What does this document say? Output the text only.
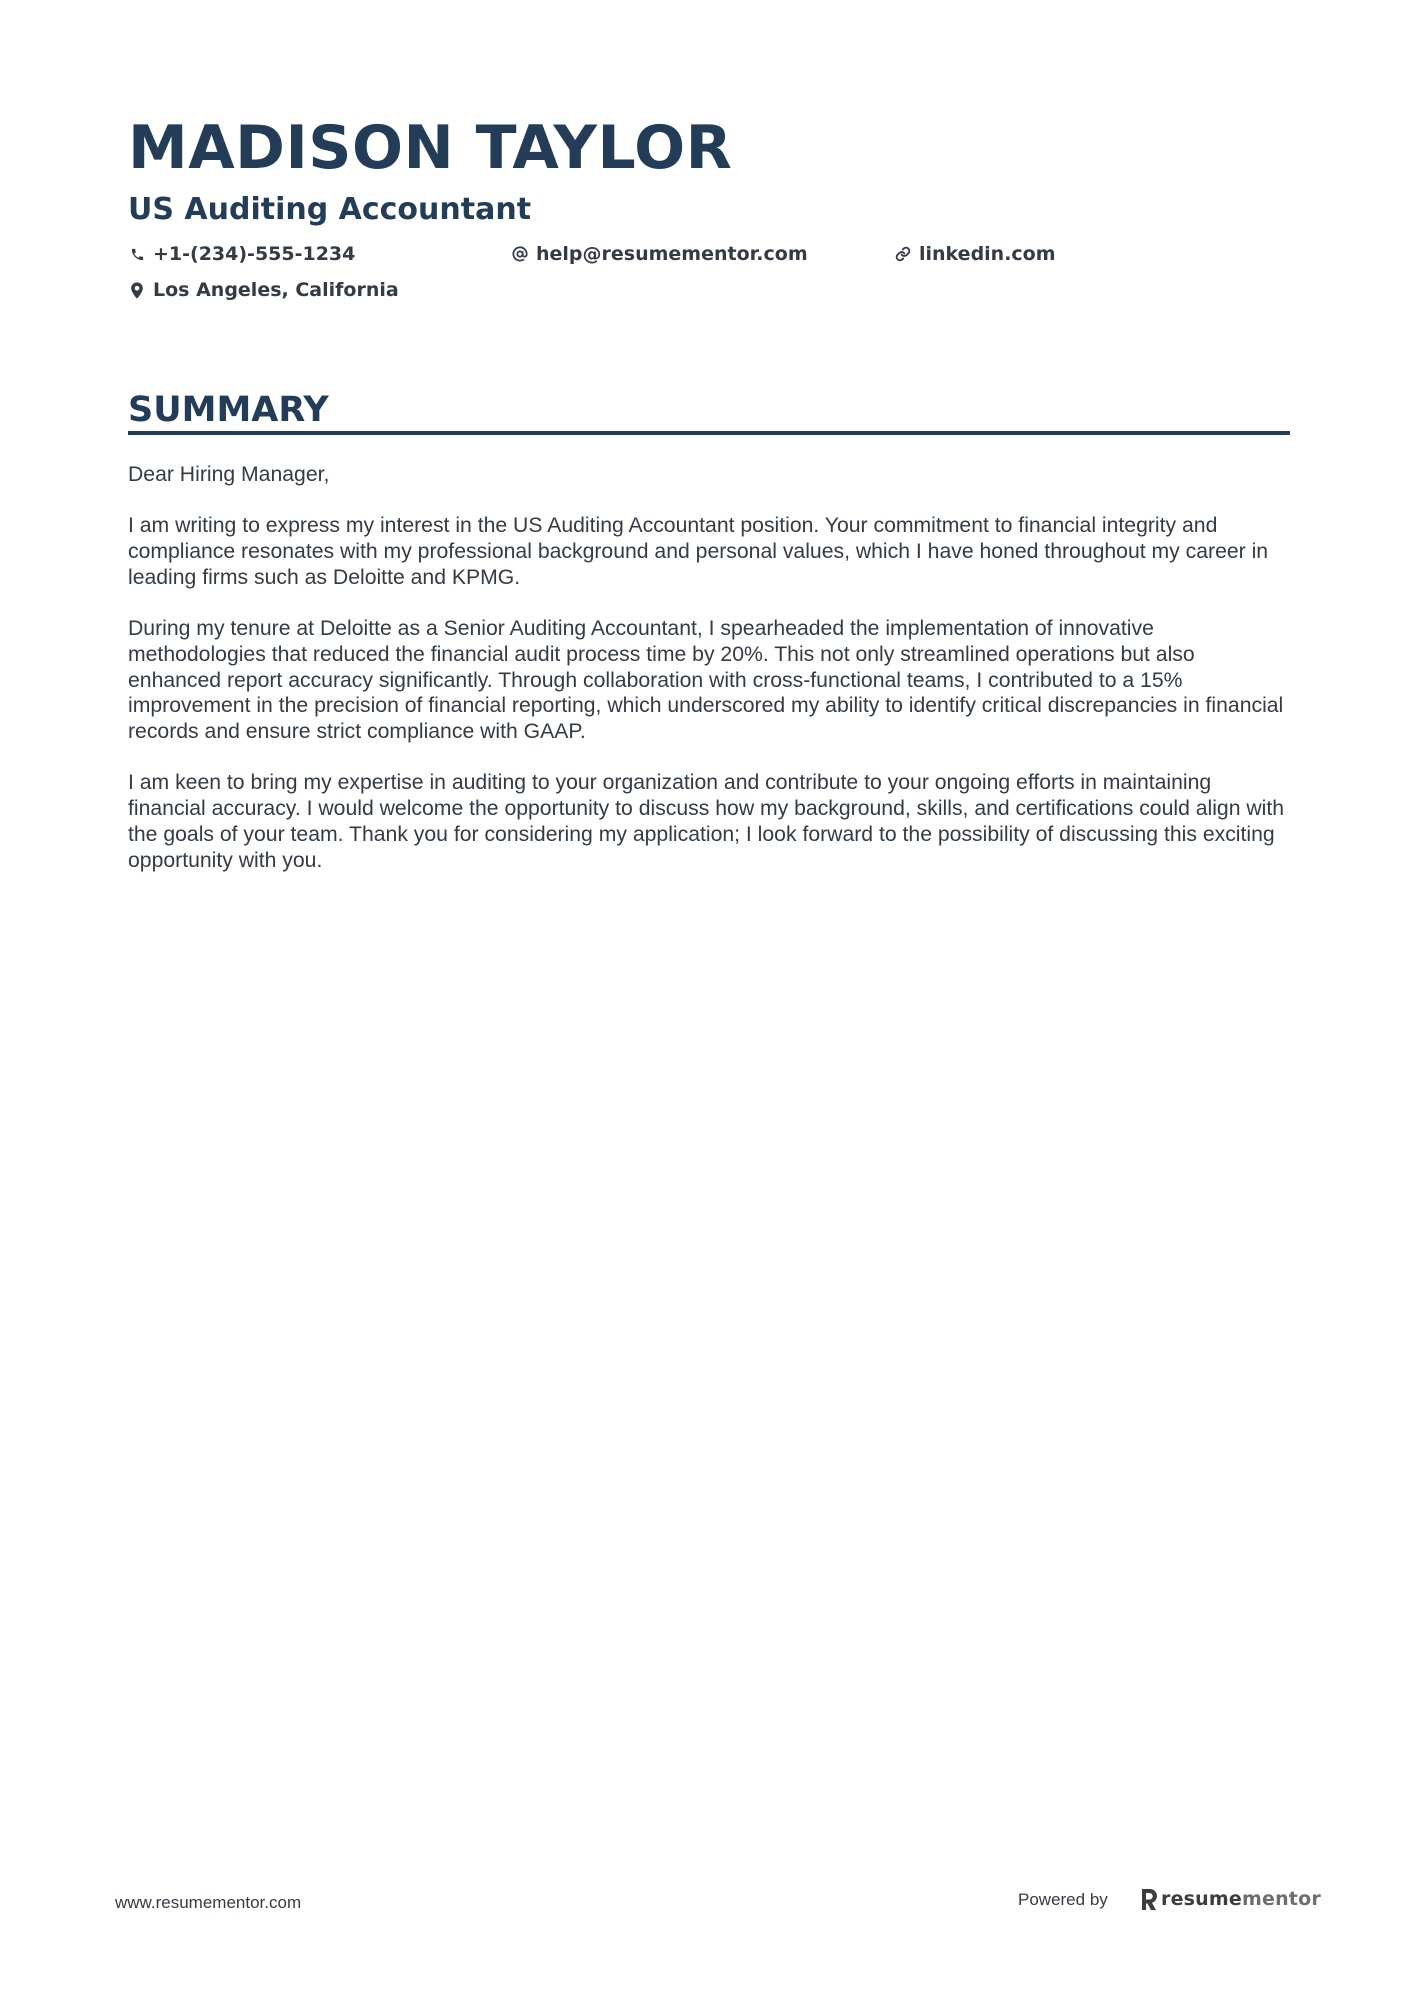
MADISON TAYLOR
US Auditing Accountant
+1-(234)-555-1234	help@resumementor.com	linkedin.com
Los Angeles, California
SUMMARY

Dear Hiring Manager,

I am writing to express my interest in the US Auditing Accountant position. Your commitment to financial integrity and compliance resonates with my professional background and personal values, which I have honed throughout my career in leading firms such as Deloitte and KPMG.

During my tenure at Deloitte as a Senior Auditing Accountant, I spearheaded the implementation of innovative methodologies that reduced the financial audit process time by 20%. This not only streamlined operations but also enhanced report accuracy significantly. Through collaboration with cross-functional teams, I contributed to a 15% improvement in the precision of financial reporting, which underscored my ability to identify critical discrepancies in financial records and ensure strict compliance with GAAP.

I am keen to bring my expertise in auditing to your organization and contribute to your ongoing efforts in maintaining financial accuracy. I would welcome the opportunity to discuss how my background, skills, and certifications could align with the goals of your team. Thank you for considering my application; I look forward to the possibility of discussing this exciting opportunity with you.

www.resumementor.com	Powered by	resumementor
